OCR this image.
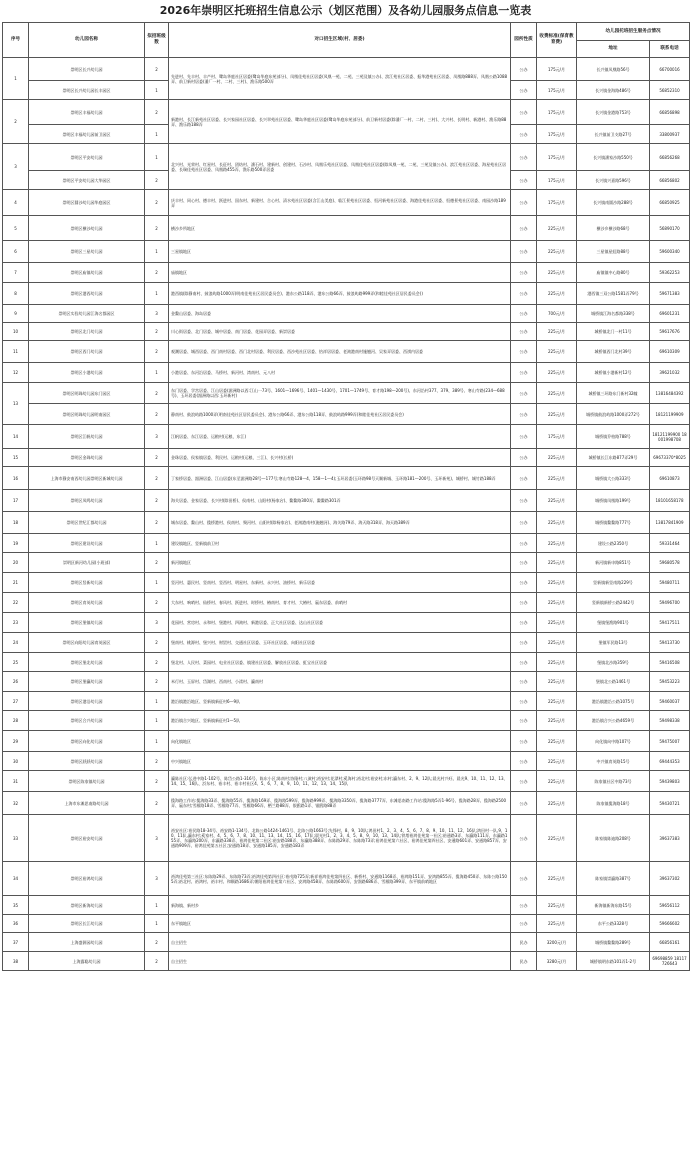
2026年崇明区托班招生信息公示（划区范围）及各幼儿园服务点信息一览表
序号	幼儿园名称	拟招班级数	对口招生区域(村、居委)	园所性质	收费标准(保育教育费)	幼儿园托班招生服务点情况	
						地址	联系电话
1	崇明区长兴幼儿园	2	先进村、先丰村、丰产村、鹭岛华庭社区居委(鹭岛华庭东苑部分)、凤凰佳苑社区居委(凤凰一苑、二苑、三苑及镇公办)、滨江苑社区居委、振华港苑社区居委、凤凰路888弄、凤凰公路1088弄、前卫新村居委(潘厂一村、二村、三村)、渔乐路500弄	公办	175元/月	长兴镇凤凰路56号	66700016
	崇明区长兴幼儿园长丰园区	1		公办	175元/月	长兴镇金海路486号	56852310
2	崇明区丰福幼儿园	2	新港村、长江新苑社区居委、长兴家园社区居委、长兴翠苑社区居委、鹭岛华庭社区居委(鹭岛华庭东苑部分)、前卫新村居委(除潘厂一村、二村、三村)、大兴村、长明村、新港村、渔乐路88弄、渔乐路188弄	公办	175元/月	长兴镇金港路753号	66856898
	崇明区丰福幼儿园前卫园区	1		公办	175元/月	长兴镇前卫支路27号	33800937
3	崇明区平安幼儿园	1	北兴村、光荣村、红星村、长征村、团结村、潘石村、建新村、创建村、石沙村、凤凰乐苑社区居委、凤凰佳苑社区居委(除凤凰一苑、二苑、三苑及镇公办)、滨江苑社区居委、海星苑社区居委、长瑞佳苑社区居委、凤凰路455弄、渔乐路500弄居委	公办	175元/月	长兴镇潘家沙路550号	66856268
	崇明区平安幼儿园大华园区	2		公办	175元/月	长兴镇兴嘉路596号	66856802
4	崇明区圆沙幼儿园华庭园区	2	庆丰村、同心村、德丰村、跃进村、国东村、新建村、合心村、清水苑社区居委(含江山美庭)、临江景苑社区居委、恒河新苑社区居委、海港佳苑社区居委、恒德景苑社区居委、南园沙路189弄	公办	175元/月	长兴镇南圆沙路288号	66850925
5	崇明区横沙幼儿园	2	横沙乡所地区	公办	225元/月	横沙乡横沙路68号	56890170
6	崇明区三星幼儿园	1	三星镇地区	公办	225元/月	三星镇星虹路88号	59600340
7	崇明区庙镇幼儿园	2	庙镇地区	公办	225元/月	庙镇镇中心路80号	59362253
8	崇明区港西幼儿园	1	港西镇(除静南村、鼓浪屿路1000弄(明南佳苑社区居民委员会)、港东公路118弄、港东公路66弄、鼓浪屿路999弄(和睦佳苑社区居民委员会))	公办	225元/月	港西镇三双公路1581弄79号	59671383
9	崇明区实验幼儿园江海名都园区	3	金鳌山居委、海岛居委	公办	700元/月	城桥镇江海名都路338号	69601231
10	崇明区北门幼儿园	2	川心街居委、北门居委、城中居委、南门居委、花园弄居委、新崇居委	公办	225元/月	城桥镇北门一村11号	59617676
11	崇明区西门幼儿园	2	观潮居委、城西居委、西门南村居委、西门北村居委、利民居委、西沙苑社区居委、怡祥居居委、老滧港南村施翘河、吴家弄居委、西祺内居委	公办	225元/月	城桥镇西门北村39号	69610309
12	崇明区小港幼儿园	1	小港居委、东河沿居委、马桥村、新河村、湾南村、元八村	公办	225元/月	城桥镇小港新村12号	39621032
13	崇明区明珠幼儿园东门园区	2	东门居委、学宫居委、江山居委(湄洲路以西:江山一73号、1601—1696号、1401—1430号、1701—1749号、育才路198—200号)、东河沿村377、379、389号、寒山寺路(234—688号)、玉环居委(湄洲路以西:玉环新村)	公办	225元/月	城桥镇三环路东门新村32幢	13816484392
	崇明区明珠幼儿园明南园区	2	静南村、鼓浪屿路1000弄(明南佳苑社区居民委员会)、港东公路66弄、港东公路118弄、鼓浪屿路999弄(和睦佳苑社区居民委员会)	公办	225元/月	城桥镇鼓浪屿路1000弄272号	18121199909
14	崇明区江帆幼儿园	3	江帆居委、东江居委、运粮村(运粮、东江)	公办	175元/月	城桥镇乔柏路788号	18121199900 18001998708
15	崇明区金珠幼儿园	2	金珠居委、侯家镇居委、利民村、运粮村(运粮、三江)、长兴村(长桥)	公办	225元/月	城桥镇长江东路877弄29号	69673370*8025
16	上海市静安南西幼儿园崇明区新城幼儿园	2	丁家桥居委、湄洲居委、江山居委(东至湄洲路28号—177号;寒山寺路128—4、158—1—4);玉环居委(玉环路98号天顺新城、玉环路181—200号、玉环新苑)、城桥村、城竹路188弄	公办	225元/月	城桥镇大公路333号	69610873
17	崇明区凤鸣幼儿园	2	海关居委、金家居委、长兴村(除田桥)、侯南村、山阳村(杨家宕)、鳌鳌路300弄、鳌鳌路301弄	公办	225元/月	城桥镇凤凰路199号	18101658178
18	崇明区世纪汇都幼儿园	2	城东居委、鳌山村、揽桥港村、侯南村、聚河村、山阳村(除杨家宕)、老滧港南村(施翘河)、海关路79弄、海天路318弄、海天路389弄	公办	225元/月	城桥镇鳌鳌路777号	13817841909
19	崇明区建设幼儿园	1	建设镇地区、竖新镇前卫村	公办	225元/月	建设公路2350号	59331464
20	崇明区新河幼儿园(小班部)	2	新河镇地区	公办	225元/月	新河镇新申路851号	59680578
21	崇明区竖新幼儿园	1	竖河村、惠民村、竖南村、竖西村、明星村、东新村、永兴村、油桥村、新乐居委	公办	225元/月	竖新镇新竖南路229号	59480711
22	崇明区育英幼儿园	2	大东村、响哨村、仙桥村、春风村、跃进村、时桥村、椿南村、育才村、大椿村、嬴东居委、前哨村	公办	225元/月	竖新镇新桥公路2442号	59496700
23	崇明区堡镇幼儿园	3	花园村、营房村、永和村、堡港村、四滧村、新港居委、正大社区居委、达山社区居委	公办	225元/月	堡镇堡渔路901号	59417511
24	崇明区向阳幼儿园育英园区	2	堡南村、桃源村、堡兴村、财贸村、交通社区居委、玉环社区居委、向阳社区居委	公办	225元/月	堡镇军民路13号	59413730
25	崇明区堡北幼儿园	2	堡北村、人民村、菜园村、电业社区居委、镇建社区居委、解放社区居委、虹宝社区居委	公办	225元/月	堡镇北沙路359号	59416508
26	崇明区堡瀛幼儿园	2	米行村、玉屏村、岱湖村、西南村、小漾村、瀛南村	公办	225元/月	堡镇北公路1461号	59453223
27	崇明区港沿幼儿园	1	港沿镇港沿地区、竖新镇新征村6—9队	公办	225元/月	港沿镇港沿公路1075号	59460037
28	崇明区合兴幼儿园	1	港沿镇合兴地区、竖新镇新征村1—5队	公办	225元/月	港沿镇合兴公路4659号	59498338
29	崇明区向化幼儿园	1	向化镇地区	公办	225元/月	向化镇向中路107号	59475007
30	崇明区跃跃幼儿园	2	中兴镇地区	公办	225元/月	中兴镇育英路15号	69444353
31	崇明区陈家镇幼儿园	2	瀛陈社区:弘进中路1-102号、陈岱公路1-316号、陈东小区;陈南村;协隆村;八滧村;裕安村;花漂村;奚海村;裕北村;裕安村;东村;瀛东村、2、9、12队;晨光村兴旺、晨光9、10、11、12、13、14、15、16队、浜东村、裕丰村、裕丰村社区4、5、6、7、8、9、10、11、12、13、14、15队	公办	225元/月	陈家镇社区中路73号	59439803
32	上海市东滩思南路幼儿园	2	揽海路工作站:揽海路33弄、揽海路55弄、揽海路169弄、揽海路599弄、揽海路999弄、揽海路3350弄、揽海路3777弄、东滩思南路工作站:揽海路5弄1-96号、揽海路28弄、揽海路2500弄、嬴东村;雪雁路18弄、雪雁路77弄、雪雁路66弄、栖兰路88弄、银鸥路1弄、银鸥路88弄	公办	225元/月	陈家镇揽海路18号	59430721
33	崇明区裕安幼儿园	3	裕安社区:裕民路18-34号、裕安路1-134号、北陈公路1424-1461号、北陈公路1663号;先锋村、8、9、10队;鸿田村1、2、3、4、5、6、7、8、9、10、11、12、16队;鸿田村一队,9、10、11队,瀛东村;奚家村、4、5、6、7、8、10、11、13、14、15、16、17队;晨光村1、2、3、4、5、8、9、10、13、14队;铁塔裕鸿佳苑第一社区;裕通路3弄、东瀛路111弄、东瀛路155弄、东瀛路200弄、东瀛路338弄、裕鸿佳苑第二社区:裕安路188弄、东瀛路388弄、东陈路29弄、东陈路73弄;裕鸿佳苑第六社区、裕鸿佳苑第四社区、安通路601弄、安通路857弄、安通路909弄、裕鸿佳苑第五社区;安通路18弄、安通路185弄、安通路183弄	公办	225元/月	陈家镇陈迪路208号	39637383
34	崇明区裕鸿幼儿园	3	裕鸿佳苑第三社区:东陈路29弄、东陈路73弄;裕鸿佳苑第四社区:裕戌路725弄;新祥裕鸿佳苑第四社区、新桥村、安通路1168弄、裕鸿路151弄、安鸿路855弄、揽海路450弄、东陈公路1505弄;裕北村、裕鸿村、裕丰村、和顺路1686弄;朝阳裕鸿佳苑第六社区、安鸿路458弄、东陈路600弄、安润路686弄、雪雁路399弄、东平镇前哨地区	公办	225元/月	陈家镇崇瀛路387号	39637302
35	崇明区新海幼儿园	1	新海镇、新村乡	公办	225元/月	新海镇新海东路15号	59656112
36	崇明区长江幼儿园	1	东平镇地区	公办	225元/月	东平公路3328号	59666602
37	上海盛源园幼儿园	2	自主招生	民办	3200元/月	城桥镇鳌鳌路289号	66856161
38	上海露聪幼儿园	2	自主招生	民办	3280元/月	城桥镇明东路101弄1-2号	69698859 18117726643
